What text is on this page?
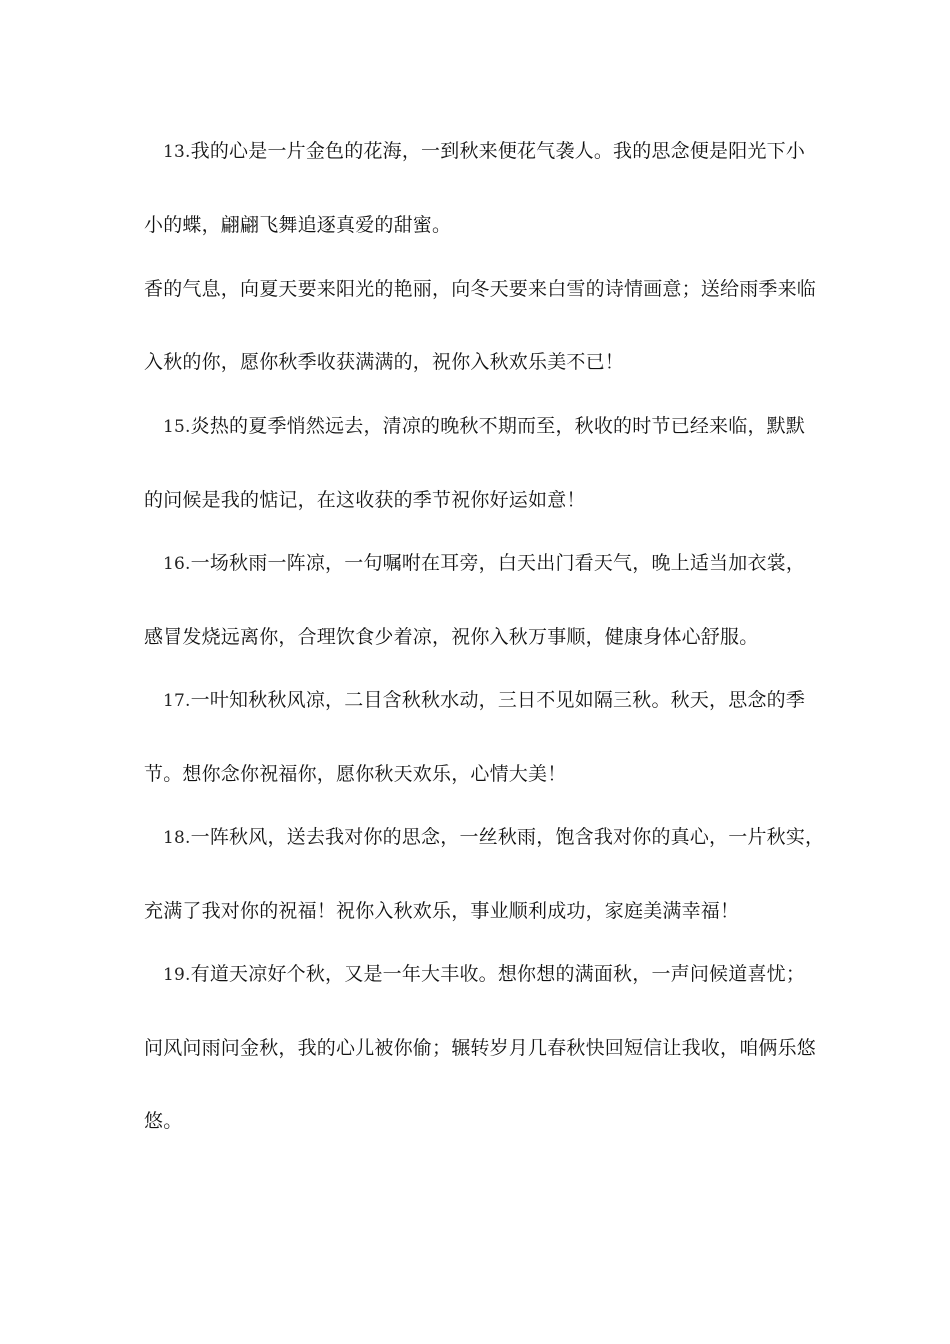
13.我的心是一片金色的花海，一到秋来便花气袭人。我的思念便是阳光下小
小的蝶，翩翩飞舞追逐真爱的甜蜜。
香的气息，向夏天要来阳光的艳丽，向冬天要来白雪的诗情画意；送给雨季来临
入秋的你，愿你秋季收获满满的，祝你入秋欢乐美不已！
15.炎热的夏季悄然远去，清凉的晚秋不期而至，秋收的时节已经来临，默默
的问候是我的惦记，在这收获的季节祝你好运如意！
16.一场秋雨一阵凉，一句嘱咐在耳旁，白天出门看天气，晚上适当加衣裳，
感冒发烧远离你，合理饮食少着凉，祝你入秋万事顺，健康身体心舒服。
17.一叶知秋秋风凉，二目含秋秋水动，三日不见如隔三秋。秋天，思念的季
节。想你念你祝福你，愿你秋天欢乐，心情大美！
18.一阵秋风，送去我对你的思念，一丝秋雨，饱含我对你的真心，一片秋实，
充满了我对你的祝福！祝你入秋欢乐，事业顺利成功，家庭美满幸福！
19.有道天凉好个秋，又是一年大丰收。想你想的满面秋，一声问候道喜忧；
问风问雨问金秋，我的心儿被你偷；辗转岁月几春秋快回短信让我收，咱俩乐悠
悠。
